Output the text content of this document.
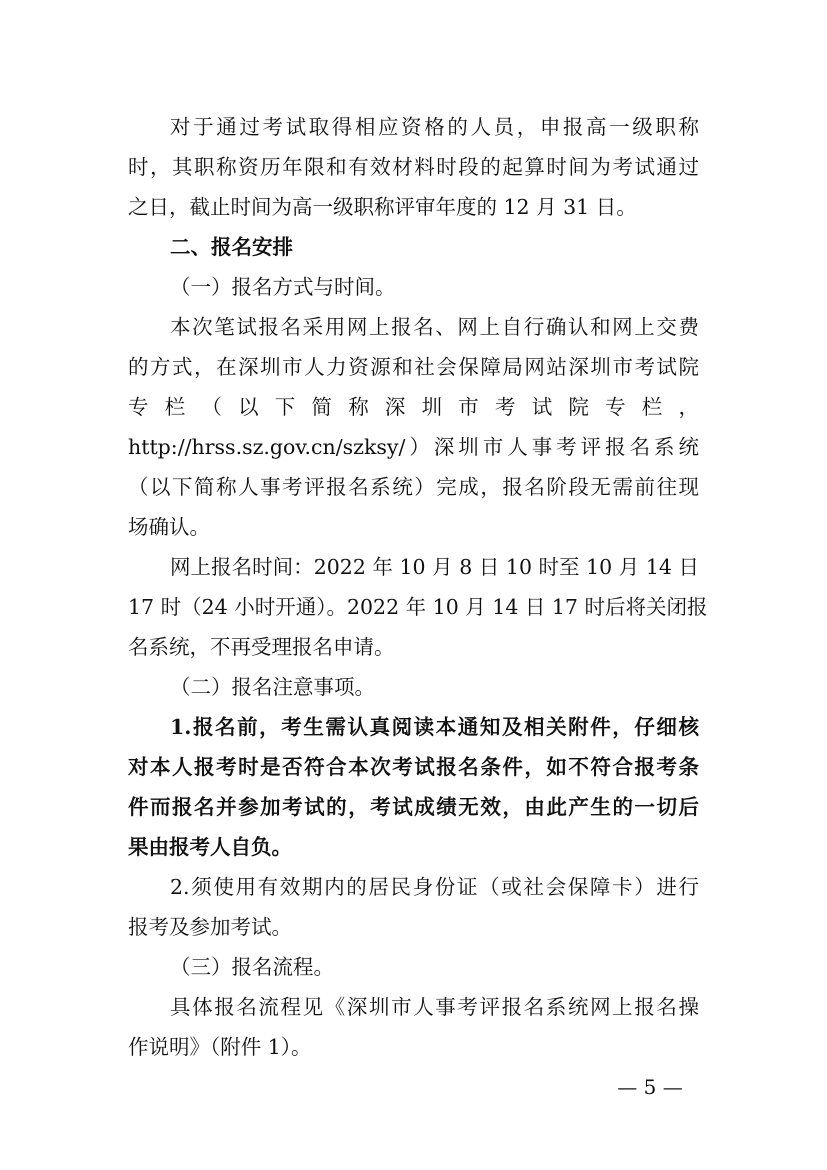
对于通过考试取得相应资格的人员，申报高一级职称
时，其职称资历年限和有效材料时段的起算时间为考试通过
之日，截止时间为高一级职称评审年度的 12 月 31 日。
二、报名安排
（一）报名方式与时间。
本次笔试报名采用网上报名、网上自行确认和网上交费
的方式，在深圳市人力资源和社会保障局网站深圳市考试院
专 栏 （ 以 下 简 称 深 圳 市 考 试 院 专 栏 ，
http://hrss.sz.gov.cn/szksy/）深圳市人事考评报名系统
（以下简称人事考评报名系统）完成，报名阶段无需前往现
场确认。
网上报名时间：2022 年 10 月 8 日 10 时至 10 月 14 日
17 时（24 小时开通）。2022 年 10 月 14 日 17 时后将关闭报
名系统，不再受理报名申请。
（二）报名注意事项。
1.报名前，考生需认真阅读本通知及相关附件，仔细核
对本人报考时是否符合本次考试报名条件，如不符合报考条
件而报名并参加考试的，考试成绩无效，由此产生的一切后
果由报考人自负。
2.须使用有效期内的居民身份证（或社会保障卡）进行
报考及参加考试。
（三）报名流程。
具体报名流程见《深圳市人事考评报名系统网上报名操
作说明》（附件 1）。
— 5 —
